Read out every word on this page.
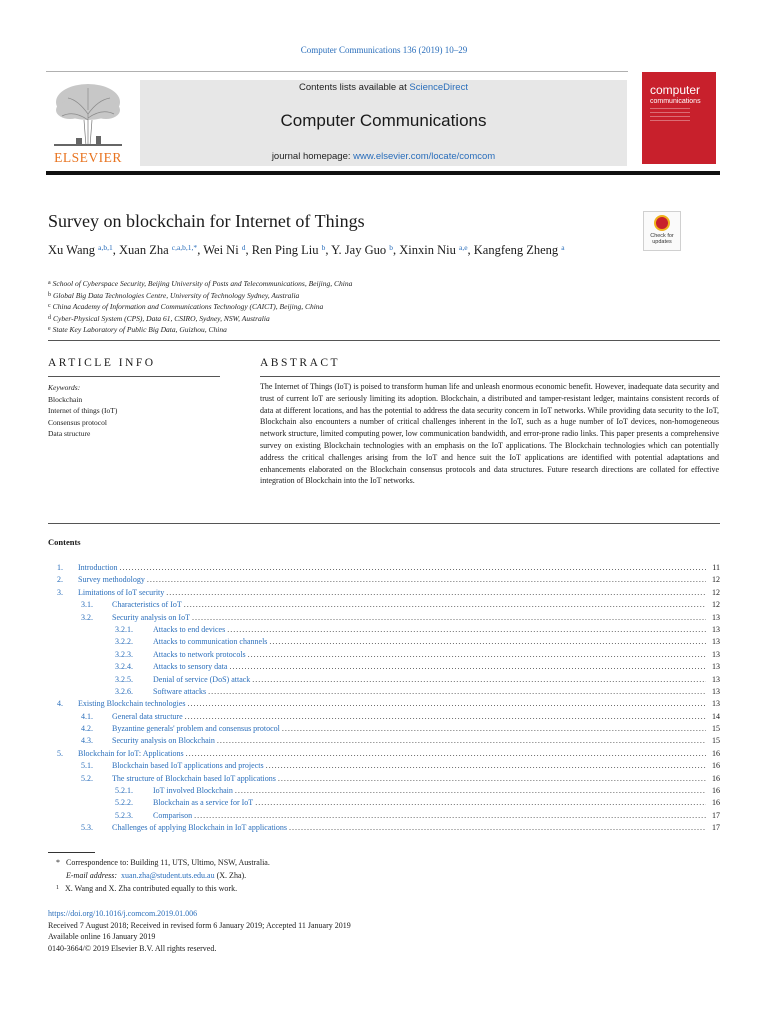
Computer Communications 136 (2019) 10–29
ELSEVIER
Contents lists available at ScienceDirect
Computer Communications
journal homepage: www.elsevier.com/locate/comcom
computer
communications
Survey on blockchain for Internet of Things
Check for updates
Xu Wang $^{a,b,1}$, Xuan Zha $^{c,a,b,1,*}$, Wei Ni $^d$, Ren Ping Liu $^b$, Y. Jay Guo $^b$, Xinxin Niu $^{a,e}$, Kangfeng Zheng $^a$
$^a$ School of Cyberspace Security, Beijing University of Posts and Telecommunications, Beijing, China
$^b$ Global Big Data Technologies Centre, University of Technology Sydney, Australia
$^c$ China Academy of Information and Communications Technology (CAICT), Beijing, China
$^d$ Cyber-Physical System (CPS), Data 61, CSIRO, Sydney, NSW, Australia
$^e$ State Key Laboratory of Public Big Data, Guizhou, China
ARTICLE INFO	ABSTRACT
Keywords:
Blockchain
Internet of things (IoT)
Consensus protocol
Data structure
The Internet of Things (IoT) is poised to transform human life and unleash enormous economic benefit. However, inadequate data security and trust of current IoT are seriously limiting its adoption. Blockchain, a distributed and tamper-resistant ledger, maintains consistent records of data at different locations, and has the potential to address the data security concern in IoT networks. While providing data security to the IoT, Blockchain also encounters a number of critical challenges inherent in the IoT, such as a huge number of IoT devices, non-homogeneous network structure, limited computing power, low communication bandwidth, and error-prone radio links. This paper presents a comprehensive survey on existing Blockchain technologies with an emphasis on the IoT applications. The Blockchain technologies which can potentially address the critical challenges arising from the IoT and hence suit the IoT applications are identified with potential adaptations and enhancements elaborated on the Blockchain consensus protocols and data structures. Future research directions are collated for effective integration of Blockchain into the IoT networks.
Contents
1. Introduction .....	11
2. Survey methodology .....	12
3. Limitations of IoT security .....	12
3.1. Characteristics of IoT .....	12
3.2. Security analysis on IoT .....	13
3.2.1.	Attacks to end devices .....	13
3.2.2.	Attacks to communication channels .....	13
3.2.3.	Attacks to network protocols .....	13
3.2.4.	Attacks to sensory data .....	13
3.2.5.	Denial of service (DoS) attack .....	13
3.2.6.	Software attacks .....	13
4. Existing Blockchain technologies .....	13
4.1. General data structure .....	14
4.2. Byzantine generals' problem and consensus protocol .....	15
4.3. Security analysis on Blockchain .....	15
5. Blockchain for IoT: Applications .....	16
5.1. Blockchain based IoT applications and projects .....	16
5.2. The structure of Blockchain based IoT applications .....	16
5.2.1.	IoT involved Blockchain .....	16
5.2.2.	Blockchain as a service for IoT .....	16
5.2.3.	Comparison .....	17
5.3. Challenges of applying Blockchain in IoT applications .....	17
* Correspondence to: Building 11, UTS, Ultimo, NSW, Australia.
E-mail address: xuan.zha@student.uts.edu.au (X. Zha).
$^1$ X. Wang and X. Zha contributed equally to this work.
https://doi.org/10.1016/j.comcom.2019.01.006
Received 7 August 2018; Received in revised form 6 January 2019; Accepted 11 January 2019
Available online 16 January 2019
0140-3664/© 2019 Elsevier B.V. All rights reserved.
